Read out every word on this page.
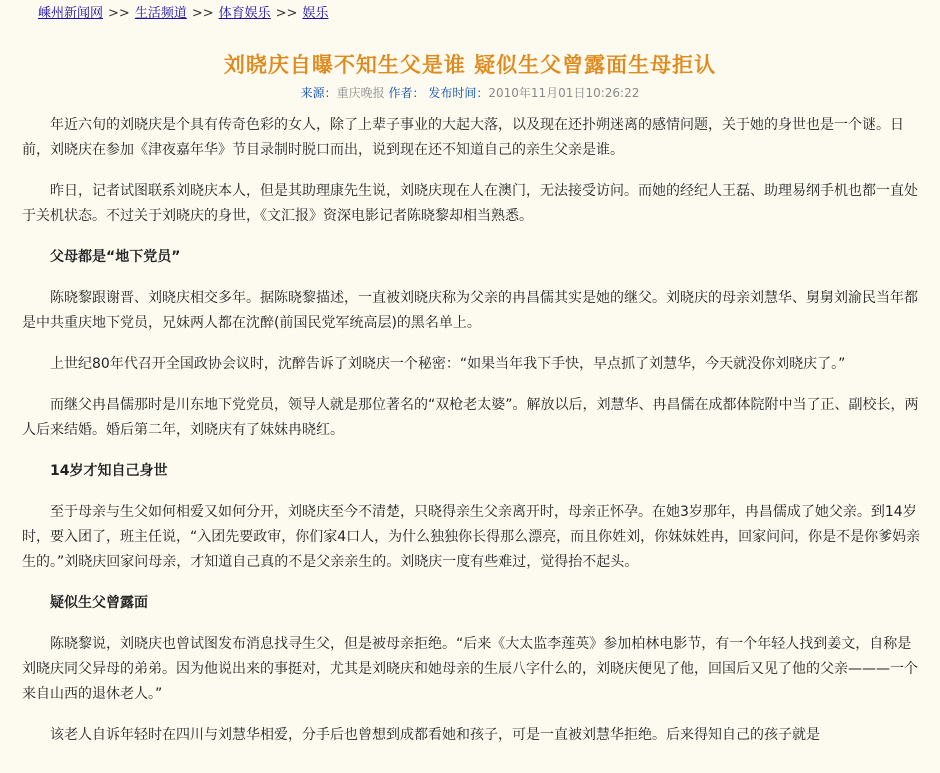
嵊州新闻网 >> 生活频道 >> 体育娱乐 >> 娱乐
刘晓庆自曝不知生父是谁 疑似生父曾露面生母拒认
来源：重庆晚报 作者： 发布时间：2010年11月01日10:26:22

年近六旬的刘晓庆是个具有传奇色彩的女人，除了上辈子事业的大起大落，以及现在还扑朔迷离的感情问题，关于她的身世也是一个谜。日前，刘晓庆在参加《津夜嘉年华》节目录制时脱口而出，说到现在还不知道自己的亲生父亲是谁。

昨日，记者试图联系刘晓庆本人，但是其助理康先生说，刘晓庆现在人在澳门，无法接受访问。而她的经纪人王磊、助理易纲手机也都一直处于关机状态。不过关于刘晓庆的身世，《文汇报》资深电影记者陈晓黎却相当熟悉。

父母都是“地下党员”

陈晓黎跟谢晋、刘晓庆相交多年。据陈晓黎描述，一直被刘晓庆称为父亲的冉昌儒其实是她的继父。刘晓庆的母亲刘慧华、舅舅刘渝民当年都是中共重庆地下党员，兄妹两人都在沈醉(前国民党军统高层)的黑名单上。

上世纪80年代召开全国政协会议时，沈醉告诉了刘晓庆一个秘密：“如果当年我下手快，早点抓了刘慧华，今天就没你刘晓庆了。”

而继父冉昌儒那时是川东地下党党员，领导人就是那位著名的“双枪老太婆”。解放以后，刘慧华、冉昌儒在成都体院附中当了正、副校长，两人后来结婚。婚后第二年，刘晓庆有了妹妹冉晓红。

14岁才知自己身世

至于母亲与生父如何相爱又如何分开，刘晓庆至今不清楚，只晓得亲生父亲离开时，母亲正怀孕。在她3岁那年，冉昌儒成了她父亲。到14岁时，要入团了，班主任说，“入团先要政审，你们家4口人，为什么独独你长得那么漂亮，而且你姓刘，你妹妹姓冉，回家问问，你是不是你爹妈亲生的。”刘晓庆回家问母亲，才知道自己真的不是父亲亲生的。刘晓庆一度有些难过，觉得抬不起头。

疑似生父曾露面

陈晓黎说，刘晓庆也曾试图发布消息找寻生父，但是被母亲拒绝。“后来《大太监李莲英》参加柏林电影节，有一个年轻人找到姜文，自称是刘晓庆同父异母的弟弟。因为他说出来的事挺对，尤其是刘晓庆和她母亲的生辰八字什么的，刘晓庆便见了他，回国后又见了他的父亲———一个来自山西的退休老人。”

该老人自诉年轻时在四川与刘慧华相爱，分手后也曾想到成都看她和孩子，可是一直被刘慧华拒绝。后来得知自己的孩子就是
